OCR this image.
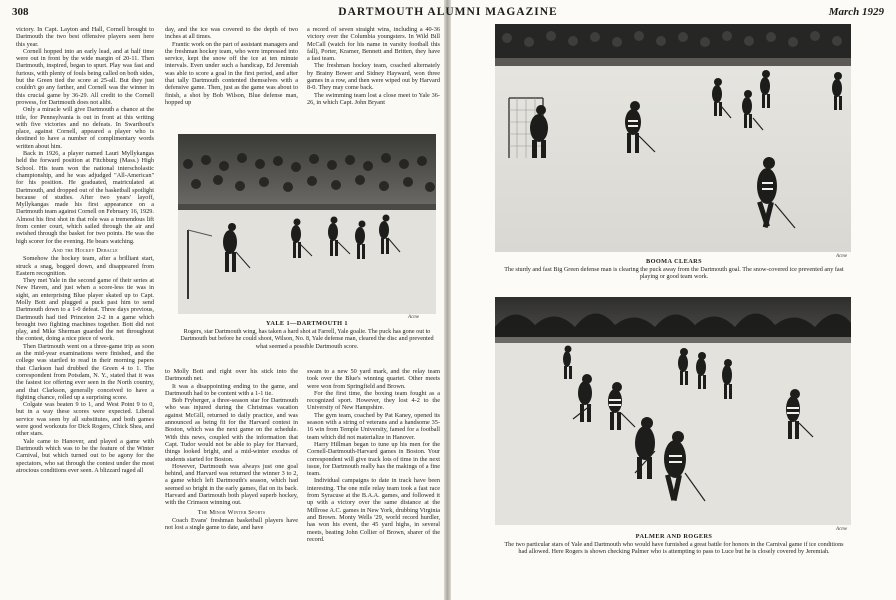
308	DARTMOUTH ALUMNI MAGAZINE	March 1929

victory. In Capt. Layton and Hall, Cornell brought to Dartmouth the two best offensive players seen here this year.

Cornell hopped into an early lead, and at half time were out in front by the wide margin of 20-11. Then Dartmouth, inspired, began to spurt. Play was fast and furious, with plenty of fouls being called on both sides, but the Green tied the score at 25-all. But they just couldn't go any farther, and Cornell was the winner in this crucial game by 36-29. All credit to the Cornell prowess, for Dartmouth does not alibi.

Only a miracle will give Dartmouth a chance at the title, for Pennsylvania is out in front at this writing with five victories and no defeats. In Swarthout's place, against Cornell, appeared a player who is destined to have a number of complimentary words written about him.

Back in 1926, a player named Lauri Myllykangas held the forward position at Fitchburg (Mass.) High School. His team won the national interscholastic championship, and he was adjudged "All-American" for his position. He graduated, matriculated at Dartmouth, and dropped out of the basketball spotlight because of studies. After two years' layoff, Myllykangas made his first appearance on a Dartmouth team against Cornell on February 16, 1929. Almost his first shot in that role was a tremendous lift from center court, which sailed through the air and swished through the basket for two points. He was the high scorer for the evening. He bears watching.

And the Hockey Debacle

Somehow the hockey team, after a brilliant start, struck a snag, bogged down, and disappeared from Eastern recognition.

They met Yale in the second game of their series at New Haven, and just when a score-less tie was in sight, an enterprising Blue player skated up to Capt. Molly Bott and plugged a puck past him to send Dartmouth down to a 1-0 defeat. Three days previous, Dartmouth had tied Princeton 2-2 in a game which brought two fighting machines together. Bott did not play, and Mike Sherman guarded the net throughout the contest, doing a nice piece of work.

Then Dartmouth went on a three-game trip as soon as the mid-year examinations were finished, and the college was startled to read in their morning papers that Clarkson had drubbed the Green 4 to 1. The correspondent from Potsdam, N. Y., stated that it was the fastest ice offering ever seen in the North country, and that Clarkson, generally conceived to have a fighting chance, rolled up a surprising score.

Colgate was beaten 9 to 1, and West Point 9 to 0, but in a way these scores were expected. Liberal service was seen by all substitutes, and both games were good workouts for Dick Rogers, Chick Shea, and other stars.

Yale came to Hanover, and played a game with Dartmouth which was to be the feature of the Winter Carnival, but which turned out to be agony for the spectators, who sat through the contest under the most atrocious conditions ever seen. A blizzard raged all

day, and the ice was covered to the depth of two inches at all times.

Frantic work on the part of assistant managers and the freshman hockey team, who were impressed into service, kept the snow off the ice at ten minute intervals. Even under such a handicap, Ed Jeremiah was able to score a goal in the first period, and after that tally Dartmouth contented themselves with a defensive game. Then, just as the game was about to finish, a shot by Bob Wilson, Blue defense man, hopped up

a record of seven straight wins, including a 40-36 victory over the Columbia youngsters. In Wild Bill McCall (watch for his name in varsity football this fall), Porter, Kramer, Bennett and Britten, they have a fast team.

The freshman hockey team, coached alternately by Brainy Bower and Sidney Hayward, won three games in a row, and then were wiped out by Harvard 8-0. They may come back.

The swimming team lost a close meet to Yale 36-26, in which Capt. John Bryant

Acme
YALE 1—DARTMOUTH 1
Rogers, star Dartmouth wing, has taken a hard shot at Farrell, Yale goalie. The puck has gone out to Dartmouth but before he could shoot, Wilson, No. 8, Yale defense man, cleared the disc and prevented what seemed a possible Dartmouth score.

to Molly Bott and right over his stick into the Dartmouth net.

It was a disappointing ending to the game, and Dartmouth had to be content with a 1-1 tie.

Bob Fryberger, a three-season star for Dartmouth who was injured during the Christmas vacation against McGill, returned to daily practice, and was announced as being fit for the Harvard contest in Boston, which was the next game on the schedule. With this news, coupled with the information that Capt. Tudor would not be able to play for Harvard, things looked bright, and a mid-winter exodus of students started for Boston.

However, Dartmouth was always just one goal behind, and Harvard was returned the winner 3 to 2, a game which left Dartmouth's season, which had seemed so bright in the early games, flat on its back. Harvard and Dartmouth both played superb hockey, with the Crimson winning out.

The Minor Winter Sports

Coach Evans' freshman basketball players have not lost a single game to date, and have

swam to a new 50 yard mark, and the relay team took over the Blue's winning quartet. Other meets were won from Springfield and Brown.

For the first time, the boxing team fought as a recognized sport. However, they lost 4-2 to the University of New Hampshire.

The gym team, coached by Pat Kaney, opened its season with a string of veterans and a handsome 35-16 win from Temple University, famed for a football team which did not materialize in Hanover.

Harry Hillman began to tune up his men for the Cornell-Dartmouth-Harvard games in Boston. Your correspondent will give track lots of time in the next issue, for Dartmouth really has the makings of a fine team.

Individual campaigns to date in track have been interesting. The one mile relay team took a fast race from Syracuse at the B.A.A. games, and followed it up with a victory over the same distance at the Millrose A.C. games in New York, drubbing Virginia and Brown. Monty Wells '29, world record hurdler, has won his event, the 45 yard highs, in several meets, beating John Collier of Brown, sharer of the record.

Acme
BOOMA CLEARS
The sturdy and fast Big Green defense man is clearing the puck away from the Dartmouth goal. The snow-covered ice prevented any fast playing or good team work.
Acme
PALMER AND ROGERS
The two particular stars of Yale and Dartmouth who would have furnished a great battle for honors in the Carnival game if ice conditions had allowed. Here Rogers is shown checking Palmer who is attempting to pass to Luce but he is closely covered by Jeremiah.
